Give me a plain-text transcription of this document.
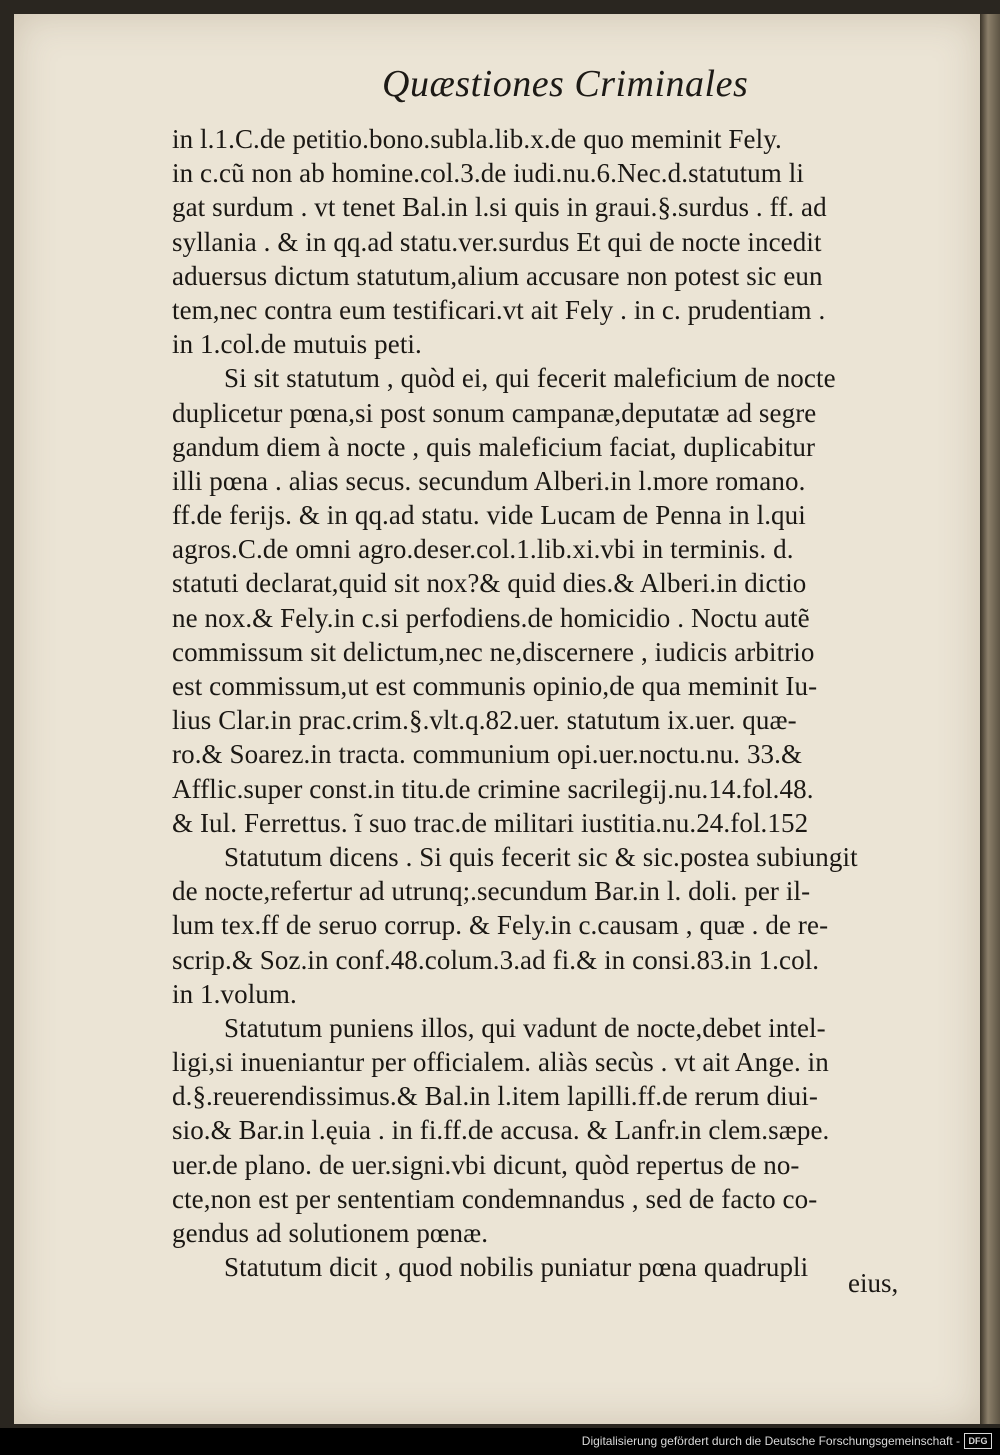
Quæstiones Criminales
in l.1.C.de petitio.bono.subla.lib.x.de quo meminit Fely.
in c.cũ non ab homine.col.3.de iudi.nu.6.Nec.d.statutum li
gat surdum . vt tenet Bal.in l.si quis in graui.§.surdus . ff. ad
syllania . & in qq.ad statu.ver.surdus Et qui de nocte incedit
aduersus dictum statutum,alium accusare non potest sic eun
tem,nec contra eum testificari.vt ait Fely . in c. prudentiam .
in 1.col.de mutuis peti.
Si sit statutum , quòd ei, qui fecerit maleficium de nocte
duplicetur pœna,si post sonum campanæ,deputatæ ad segre
gandum diem à nocte , quis maleficium faciat, duplicabitur
illi pœna . alias secus. secundum Alberi.in l.more romano.
ff.de ferijs. & in qq.ad statu. vide Lucam de Penna in l.qui
agros.C.de omni agro.deser.col.1.lib.xi.vbi in terminis. d.
statuti declarat,quid sit nox?& quid dies.& Alberi.in dictio
ne nox.& Fely.in c.si perfodiens.de homicidio . Noctu autẽ
commissum sit delictum,nec ne,discernere , iudicis arbitrio
est commissum,ut est communis opinio,de qua meminit Iu-
lius Clar.in prac.crim.§.vlt.q.82.uer. statutum ix.uer. quæ-
ro.& Soarez.in tracta. communium opi.uer.noctu.nu. 33.&
Afflic.super const.in titu.de crimine sacrilegij.nu.14.fol.48.
& Iul. Ferrettus. ĩ suo trac.de militari iustitia.nu.24.fol.152
Statutum dicens . Si quis fecerit sic & sic.postea subiungit
de nocte,refertur ad utrunq;.secundum Bar.in l. doli. per il-
lum tex.ff de seruo corrup. & Fely.in c.causam , quæ . de re-
scrip.& Soz.in conf.48.colum.3.ad fi.& in consi.83.in 1.col.
in 1.volum.
Statutum puniens illos, qui vadunt de nocte,debet intel-
ligi,si inueniantur per officialem. aliàs secùs . vt ait Ange. in
d.§.reuerendissimus.& Bal.in l.item lapilli.ff.de rerum diui-
sio.& Bar.in l.ęuia . in fi.ff.de accusa. & Lanfr.in clem.sæpe.
uer.de plano. de uer.signi.vbi dicunt, quòd repertus de no-
cte,non est per sententiam condemnandus , sed de facto co-
gendus ad solutionem pœnæ.
Statutum dicit , quod nobilis puniatur pœna quadrupli
eius,
Digitalisierung gefördert durch die Deutsche Forschungsgemeinschaft - DFG
